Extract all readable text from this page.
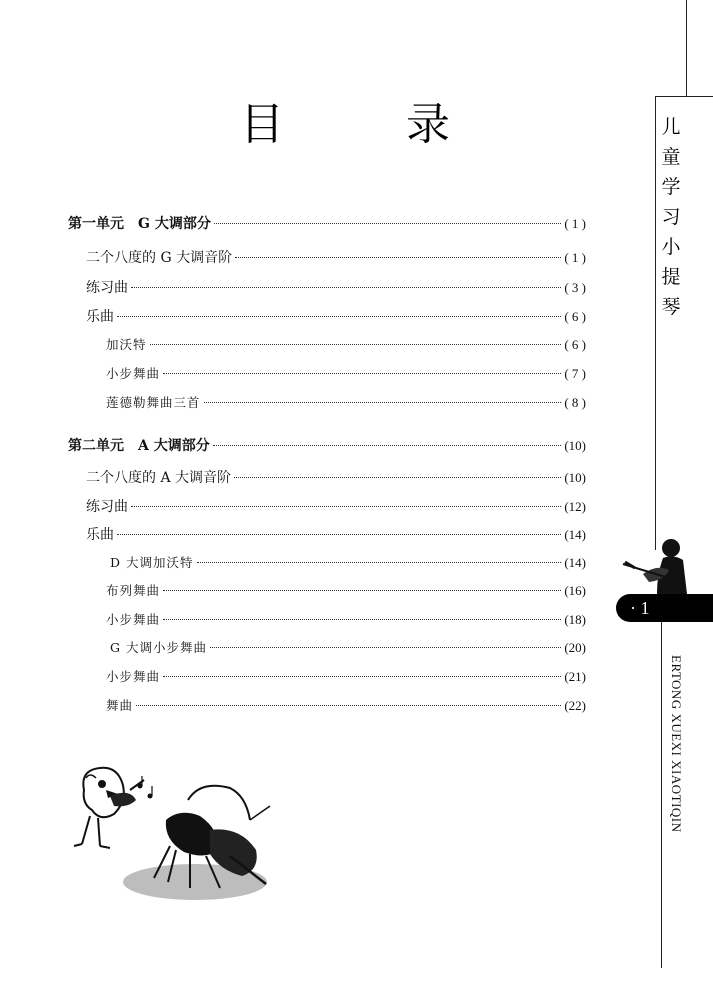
目	录
第一单元　G 大调部分	( 1 )
二个八度的 G 大调音阶	( 1 )
练习曲	( 3 )
乐曲	( 6 )
加沃特	( 6 )
小步舞曲	( 7 )
莲德勒舞曲三首	( 8 )
第二单元　A 大调部分	(10)
二个八度的 A 大调音阶	(10)
练习曲	(12)
乐曲	(14)
D 大调加沃特	(14)
布列舞曲	(16)
小步舞曲	(18)
G 大调小步舞曲	(20)
小步舞曲	(21)
舞曲	(22)
儿
童
学
习
小
提
琴
· 1
ERTONG XUEXI XIAOTIQIN
